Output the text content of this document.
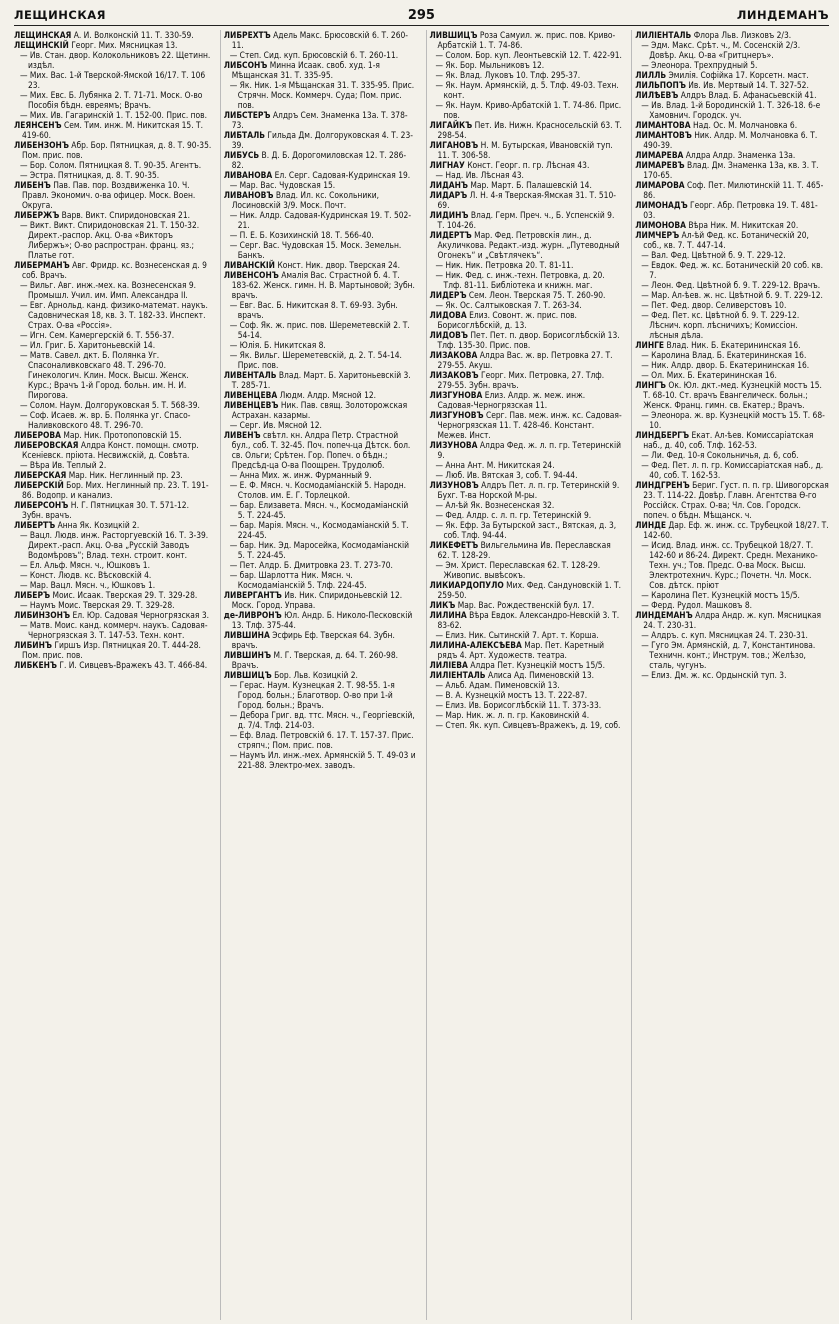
ЛЕЩИНСКАЯ	295	ЛИНДЕМАНЪ

ЛЕЩИНСКАЯ А. И. Волконскій 11. Т. 330-59.

ЛЕЩИНСКІЙ Георг. Мих. Мясницкая 13.

— Ив. Стан. двор. Колокольниковъ 22. Щетинн. издѣл.

— Мих. Вас. 1-й Тверской-Ямской 16/17. Т. 106 23.

— Мих. Евс. Б. Лубянка 2. Т. 71-71. Моск. О-во Пособія бѣдн. евреямъ; Врачъ.

— Мих. Ив. Гагаринскій 1. Т. 152-00. Прис. пов.

ЛЕЯНСЕНЪ Сем. Тим. инж. М. Никитская 15. Т. 419-60.

ЛИБЕНЗОНЪ Абр. Бор. Пятницкая, д. 8. Т. 90-35. Пом. прис. пов.

— Бор. Солом. Пятницкая 8. Т. 90-35. Агентъ.

— Эстра. Пятницкая, д. 8. Т. 90-35.

ЛИБЕНЪ Пав. Пав. пор. Воздвиженка 10. Ч. Правл. Экономич. о-ва офицер. Моск. Воен. Округа.

ЛИБЕРЖЪ Варв. Викт. Спиридоновская 21.

— Викт. Викт. Спиридоновская 21. Т. 150-32. Директ.-распор. Акц. О-ва «Викторъ Либержъ»; О-во распростран. франц. яз.; Платье гот.

ЛИБЕРМАНЪ Авг. Фридр. кс. Вознесенская д. 9 соб. Врачъ.

— Вильг. Авг. инж.-мех. ка. Вознесенская 9. Промышл. Учил. им. Имп. Александра II.

— Евг. Арнольд. канд. физико-математ. наукъ. Садовническая 18, кв. 3. Т. 182-33. Инспект. Страх. О-ва «Россія».

— Игн. Сем. Камергерскій 6. Т. 556-37.

— Ил. Григ. Б. Харитоньевскій 14.

— Матв. Савел. дкт. Б. Полянка Уг. Спасоналивковскаго 48. Т. 296-70. Гинекологич. Клин. Моск. Высш. Женск. Курс.; Врачъ 1-й Город. больн. им. Н. И. Пирогова.

— Солом. Наум. Долгоруковская 5. Т. 568-39.

— Соф. Исаев. ж. вр. Б. Полянка уг. Спасо-Наливковского 48. Т. 296-70.

ЛИБЕРОВА Мар. Ник. Протопоповскій 15.

ЛИБЕРОВСКАЯ Алдра Конст. помощн. смотр. Ксеніевск. пріюта. Несвижскій, д. Совѣта.

— Вѣра Ив. Теплый 2.

ЛИБЕРСКАЯ Мар. Ник. Неглинный пр. 23.

ЛИБЕРСКІЙ Бор. Мих. Неглинный пр. 23. Т. 191-86. Водопр. и канализ.

ЛИБЕРСОНЪ Н. Г. Пятницкая 30. Т. 571-12. Зубн. врачъ.

ЛИБЕРТЪ Анна Як. Козицкій 2.

— Вацл. Людв. инж. Расторгуевскій 16. Т. 3-39. Директ.-расп. Акц. О-ва „Русскій Заводъ Водомѣровъ“; Влад. техн. строит. конт.

— Ел. Альф. Мясн. ч., Юшковъ 1.

— Конст. Людв. кс. Вѣсковскій 4.

— Мар. Вацл. Мясн. ч., Юшковъ 1.

ЛИБЕРЪ Моис. Исаак. Тверская 29. Т. 329-28.

— Наумъ Моис. Тверская 29. Т. 329-28.

ЛИБИНЗОНЪ Ел. Юр. Садовая Черногрязская 3.

— Матв. Моис. канд. коммерч. наукъ. Садовая-Черногрязская 3. Т. 147-53. Техн. конт.

ЛИБИНЪ Гиршъ Изр. Пятницкая 20. Т. 444-28. Пом. прис. пов.

ЛИБКЕНЪ Г. И. Сивцевъ-Вражекъ 43. Т. 466-84.

ЛИБРЕХТЪ Адель Макс. Брюсовскій 6. Т. 260-11.

— Степ. Сид. куп. Брюсовскій 6. Т. 260-11.

ЛИБСОНЪ Минна Исаак. своб. худ. 1-я Мѣщанская 31. Т. 335-95.

— Як. Ник. 1-я Мѣщанская 31. Т. 335-95. Прис. Стрячн. Моск. Коммерч. Суда; Пом. прис. пов.

ЛИБСТЕРЪ Алдръ Сем. Знаменка 13а. Т. 378-73.

ЛИБТАЛЬ Гильда Дм. Долгоруковская 4. Т. 23-39.

ЛИБУСЬ В. Д. Б. Дорогомиловская 12. Т. 286-82.

ЛИВАНОВА Ел. Серг. Садовая-Кудринская 19.

— Мар. Вас. Чудовская 15.

ЛИВАНОВЪ Влад. Ил. кс. Сокольники, Лосиновскій 3/9. Моск. Почт.

— Ник. Алдр. Садовая-Кудринская 19. Т. 502-21.

— П. Е. Б. Козихинскій 18. Т. 566-40.

— Серг. Вас. Чудовская 15. Моск. Земельн. Банкъ.

ЛИВАНСКІЙ Конст. Ник. двор. Тверская 24.

ЛИВЕНСОНЪ Амалія Вас. Страстной б. 4. Т. 183-62. Женск. гимн. Н. В. Мартыновой; Зубн. врачъ.

— Евг. Вас. Б. Никитская 8. Т. 69-93. Зубн. врачъ.

— Соф. Як. ж. прис. пов. Шереметевскій 2. Т. 54-14.

— Юлія. Б. Никитская 8.

— Як. Вильг. Шереметевскій, д. 2. Т. 54-14. Прис. пов.

ЛИВЕНТАЛЬ Влад. Март. Б. Харитоньевскій 3. Т. 285-71.

ЛИВЕНЦЕВА Людм. Алдр. Мясной 12.

ЛИВЕНЦЕВЪ Ник. Пав. свящ. Золоторожская Астрахан. казармы.

— Серг. Ив. Мясной 12.

ЛИВЕНЪ свѣтл. кн. Алдра Петр. Страстной бул., соб. Т. 32-45. Поч. попеч-ца Дѣтск. бол. св. Ольги; Срѣтен. Гор. Попеч. о бѣдн.; Предсѣд-ца О-ва Поощрен. Трудолюб.

— Анна Мих. ж. инж. Фурманный 9.

— Е. Ф. Мясн. ч. Космодаміанскій 5. Народн. Столов. им. Е. Г. Торлецкой.

— бар. Елизавета. Мясн. ч., Космодаміанскій 5. Т. 224-45.

— бар. Марія. Мясн. ч., Космодаміанскій 5. Т. 224-45.

— бар. Ник. Эд. Маросейка, Космодаміанскій 5. Т. 224-45.

— Пет. Алдр. Б. Дмитровка 23. Т. 273-70.

— бар. Шарлотта Ник. Мясн. ч. Космодаміанскій 5. Тлф. 224-45.

ЛИВЕРГАНТЪ Ив. Ник. Спиридоньевскій 12. Моск. Город. Управа.

де-ЛИВРОНЪ Юл. Андр. Б. Николо-Песковскій 13. Тлф. 375-44.

ЛИВШИНА Эсфирь Еф. Тверская 64. Зубн. врачъ.

ЛИВШИНЪ М. Г. Тверская, д. 64. Т. 260-98. Врачъ.

ЛИВШИЦЪ Бор. Льв. Козицкій 2.

— Герас. Наум. Кузнецкая 2. Т. 98-55. 1-я Город. больн.; Благотвор. О-во при 1-й Город. больн.; Врачъ.

— Дебора Григ. вд. ттс. Мясн. ч., Георгіевскій, д. 7/4. Тлф. 214-03.

— Еф. Влад. Петровскій 6. 17. Т. 157-37. Прис. стряпч.; Пом. прис. пов.

— Наумъ Ил. инж.-мех. Армянскій 5. Т. 49-03 и 221-88. Электро-мех. заводъ.

ЛИВШИЦЪ Роза Самуил. ж. прис. пов. Криво-Арбатскій 1. Т. 74-86.

— Солом. Бор. куп. Леонтьевскій 12. Т. 422-91.

— Як. Бор. Мыльниковъ 12.

— Як. Влад. Луковъ 10. Тлф. 295-37.

— Як. Наум. Армянскій, д. 5. Тлф. 49-03. Техн. конт.

— Як. Наум. Криво-Арбатскій 1. Т. 74-86. Прис. пов.

ЛИГАЙКЪ Пет. Ив. Нижн. Красносельскій 63. Т. 298-54.

ЛИГАНОВЪ Н. М. Бутырская, Ивановскій туп. 11. Т. 306-58.

ЛИГНАУ Конст. Георг. п. гр. Лѣсная 43.

— Над. Ив. Лѣсная 43.

ЛИДАНЪ Мар. Март. Б. Палашевскій 14.

ЛИДАРЪ Л. Н. 4-я Тверская-Ямская 31. Т. 510-69.

ЛИДИНЪ Влад. Герм. Преч. ч., Б. Успенскій 9. Т. 104-26.

ЛИДЕРТЪ Мар. Фед. Петровскія лин., д. Акуличкова. Редакт.-изд. журн. „Путеводный Огонекъ“ и „Свѣтлячекъ“.

— Ник. Ник. Петровка 20. Т. 81-11.

— Ник. Фед. с. инж.-техн. Петровка, д. 20. Тлф. 81-11. Библіотека и книжн. маг.

ЛИДЕРЪ Сем. Леон. Тверская 75. Т. 260-90.

— Як. Ос. Салтыковская 7. Т. 263-34.

ЛИДОВА Елиз. Совонт. ж. прис. пов. Борисоглѣбскій, д. 13.

ЛИДОВЪ Пет. Пет. п. двор. Борисоглѣбскій 13. Тлф. 135-30. Прис. пов.

ЛИЗАКОВА Алдра Вас. ж. вр. Петровка 27. Т. 279-55. Акуш.

ЛИЗАКОВЪ Георг. Мих. Петровка, 27. Тлф. 279-55. Зубн. врачъ.

ЛИЗГУНОВА Елиз. Алдр. ж. меж. инж. Садовая-Черногрязская 11.

ЛИЗГУНОВЪ Серг. Пав. меж. инж. кс. Садовая-Черногрязская 11. Т. 428-46. Констант. Межев. Инст.

ЛИЗУНОВА Алдра Фед. ж. л. п. гр. Тетеринскій 9.

— Анна Ант. М. Никитская 24.

— Люб. Ив. Вятская 3, соб. Т. 94-44.

ЛИЗУНОВЪ Алдръ Пет. л. п. гр. Тетеринскій 9. Бухг. Т-ва Норской М-ры.

— Ал-ѣй Як. Вознесенская 32.

— Фед. Алдр. с. л. п. гр. Тетеринскій 9.

— Як. Ефр. За Бутырской заст., Вятская, д. 3, соб. Тлф. 94-44.

ЛИКЕФЕТЪ Вильгельмина Ив. Переславская 62. Т. 128-29.

— Эм. Христ. Переславская 62. Т. 128-29. Живопис. вывѣсокъ.

ЛИКИАРДОПУЛО Мих. Фед. Сандуновскій 1. Т. 259-50.

ЛИКЪ Мар. Вас. Рождественскій бул. 17.

ЛИЛИНА Вѣра Евдок. Александро-Невскій 3. Т. 83-62.

— Елиз. Ник. Сытинскій 7. Арт. т. Корша.

ЛИЛИНА-АЛЕКСѢЕВА Мар. Пет. Каретный рядъ 4. Арт. Художеств. театра.

ЛИЛІЕВА Алдра Пет. Кузнецкій мостъ 15/5.

ЛИЛІЕНТАЛЬ Алиса Ад. Пименовскій 13.

— Альб. Адам. Пименовскій 13.

— В. А. Кузнецкій мостъ 13. Т. 222-87.

— Елиз. Ив. Борисоглѣбскій 11. Т. 373-33.

— Мар. Ник. ж. л. п. гр. Каковинскій 4.

— Степ. Як. куп. Сивцевъ-Вражекъ, д. 19, соб.

ЛИЛІЕНТАЛЬ Флора Льв. Лизковъ 2/3.

— Эдм. Макс. Срѣт. ч., М. Сосенскій 2/3. Довѣр. Акц. О-ва «Гритцнеръ».

— Элеонора. Трехпрудный 5.

ЛИЛЛЬ Эмилія. Софійка 17. Корсетн. маст.

ЛИЛЬПОПЪ Ив. Ив. Мертвый 14. Т. 327-52.

ЛИЛѢЕВЪ Алдръ Влад. Б. Афанасьевскій 41.

— Ив. Влад. 1-й Бородинскій 1. Т. 326-18. 6-е Хамовнич. Городск. уч.

ЛИМАНТОВА Над. Ос. М. Молчановка 6.

ЛИМАНТОВЪ Ник. Алдр. М. Молчановка 6. Т. 490-39.

ЛИМАРЕВА Алдра Алдр. Знаменка 13а.

ЛИМАРЕВЪ Влад. Дм. Знаменка 13а, кв. 3. Т. 170-65.

ЛИМАРОВА Соф. Пет. Милютинскій 11. Т. 465-86.

ЛИМОНАДЪ Георг. Абр. Петровка 19. Т. 481-03.

ЛИМОНОВА Вѣра Ник. М. Никитская 20.

ЛИМЧЕРЪ Ал-ѣй Фед. кс. Ботаническій 20, соб., кв. 7. Т. 447-14.

— Вал. Фед. Цвѣтной б. 9. Т. 229-12.

— Евдок. Фед. ж. кс. Ботаническій 20 соб. кв. 7.

— Леон. Фед. Цвѣтной б. 9. Т. 229-12. Врачъ.

— Мар. Ал-ѣев. ж. нс. Цвѣтной б. 9. Т. 229-12.

— Пет. Фед. двор. Селиверстовъ 10.

— Фед. Пет. кс. Цвѣтной б. 9. Т. 229-12. Лѣснич. корп. лѣсничихъ; Комиссіон. лѣсныя дѣла.

ЛИНГЕ Влад. Ник. Б. Екатерининская 16.

— Каролина Влад. Б. Екатерининская 16.

— Ник. Алдр. двор. Б. Екатерининская 16.

— Ол. Мих. Б. Екатерининская 16.

ЛИНГЪ Ок. Юл. дкт.-мед. Кузнецкій мостъ 15. Т. 68-10. Ст. врачъ Евангелическ. больн.; Женск. Франц. гимн. св. Екатер.; Врачъ.

— Элеонора. ж. вр. Кузнецкій мостъ 15. Т. 68-10.

ЛИНДБЕРГЪ Екат. Ал-ѣев. Комиссаріатская наб., д. 40, соб. Тлф. 162-53.

— Ли. Фед. 10-я Сокольничья, д. 6, соб.

— Фед. Пет. л. п. гр. Комиссаріатская наб., д. 40, соб. Т. 162-53.

ЛИНДГРЕНЪ Бериг. Густ. п. п. гр. Шивогорская 23. Т. 114-22. Довѣр. Главн. Агентства Ѳ-го Россійск. Страх. О-ва; Чл. Сов. Городск. попеч. о бѣдн. Мѣщанск. ч.

ЛИНДЕ Дар. Еф. ж. инж. сс. Трубецкой 18/27. Т. 142-60.

— Исид. Влад. инж. сс. Трубецкой 18/27. Т. 142-60 и 86-24. Директ. Средн. Механико-Техн. уч.; Тов. Предс. О-ва Моск. Высш. Электротехнич. Курс.; Почетн. Чл. Моск. Сов. дѣтск. пріют

— Каролина Пет. Кузнецкій мостъ 15/5.

— Ферд. Рудол. Машковъ 8.

ЛИНДЕМАНЪ Алдра Андр. ж. куп. Мясницкая 24. Т. 230-31.

— Алдръ. с. куп. Мясницкая 24. Т. 230-31.

— Гуго Эм. Армянскій, д. 7, Константинова. Техничн. конт.; Инструм. тов.; Желѣзо, сталь, чугунъ.

— Елиз. Дм. ж. кс. Ордынскій туп. 3.
